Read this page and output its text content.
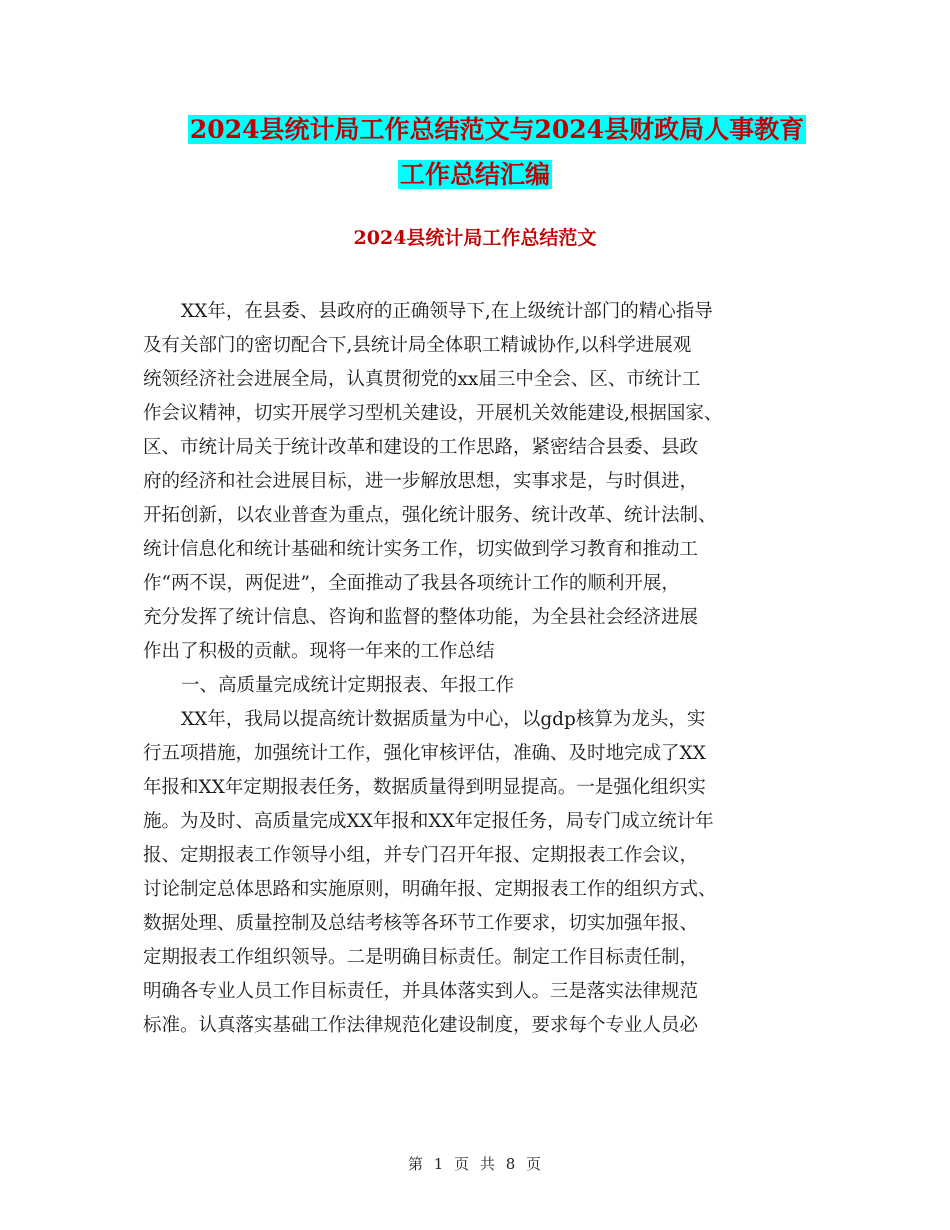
2024县统计局工作总结范文与2024县财政局人事教育
工作总结汇编
2024县统计局工作总结范文
XX年，在县委、县政府的正确领导下,在上级统计部门的精心指导
及有关部门的密切配合下,县统计局全体职工精诚协作,以科学进展观
统领经济社会进展全局，认真贯彻党的xx届三中全会、区、市统计工
作会议精神，切实开展学习型机关建设，开展机关效能建设,根据国家、
区、市统计局关于统计改革和建设的工作思路，紧密结合县委、县政
府的经济和社会进展目标，进一步解放思想，实事求是，与时俱进，
开拓创新，以农业普查为重点，强化统计服务、统计改革、统计法制、
统计信息化和统计基础和统计实务工作，切实做到学习教育和推动工
作“两不误，两促进”，全面推动了我县各项统计工作的顺利开展，
充分发挥了统计信息、咨询和监督的整体功能，为全县社会经济进展
作出了积极的贡献。现将一年来的工作总结
一、高质量完成统计定期报表、年报工作
XX年，我局以提高统计数据质量为中心，以gdp核算为龙头，实
行五项措施，加强统计工作，强化审核评估，准确、及时地完成了XX
年报和XX年定期报表任务，数据质量得到明显提高。一是强化组织实
施。为及时、高质量完成XX年报和XX年定报任务，局专门成立统计年
报、定期报表工作领导小组，并专门召开年报、定期报表工作会议，
讨论制定总体思路和实施原则，明确年报、定期报表工作的组织方式、
数据处理、质量控制及总结考核等各环节工作要求，切实加强年报、
定期报表工作组织领导。二是明确目标责任。制定工作目标责任制，
明确各专业人员工作目标责任，并具体落实到人。三是落实法律规范
标准。认真落实基础工作法律规范化建设制度，要求每个专业人员必
第 1 页 共 8 页
